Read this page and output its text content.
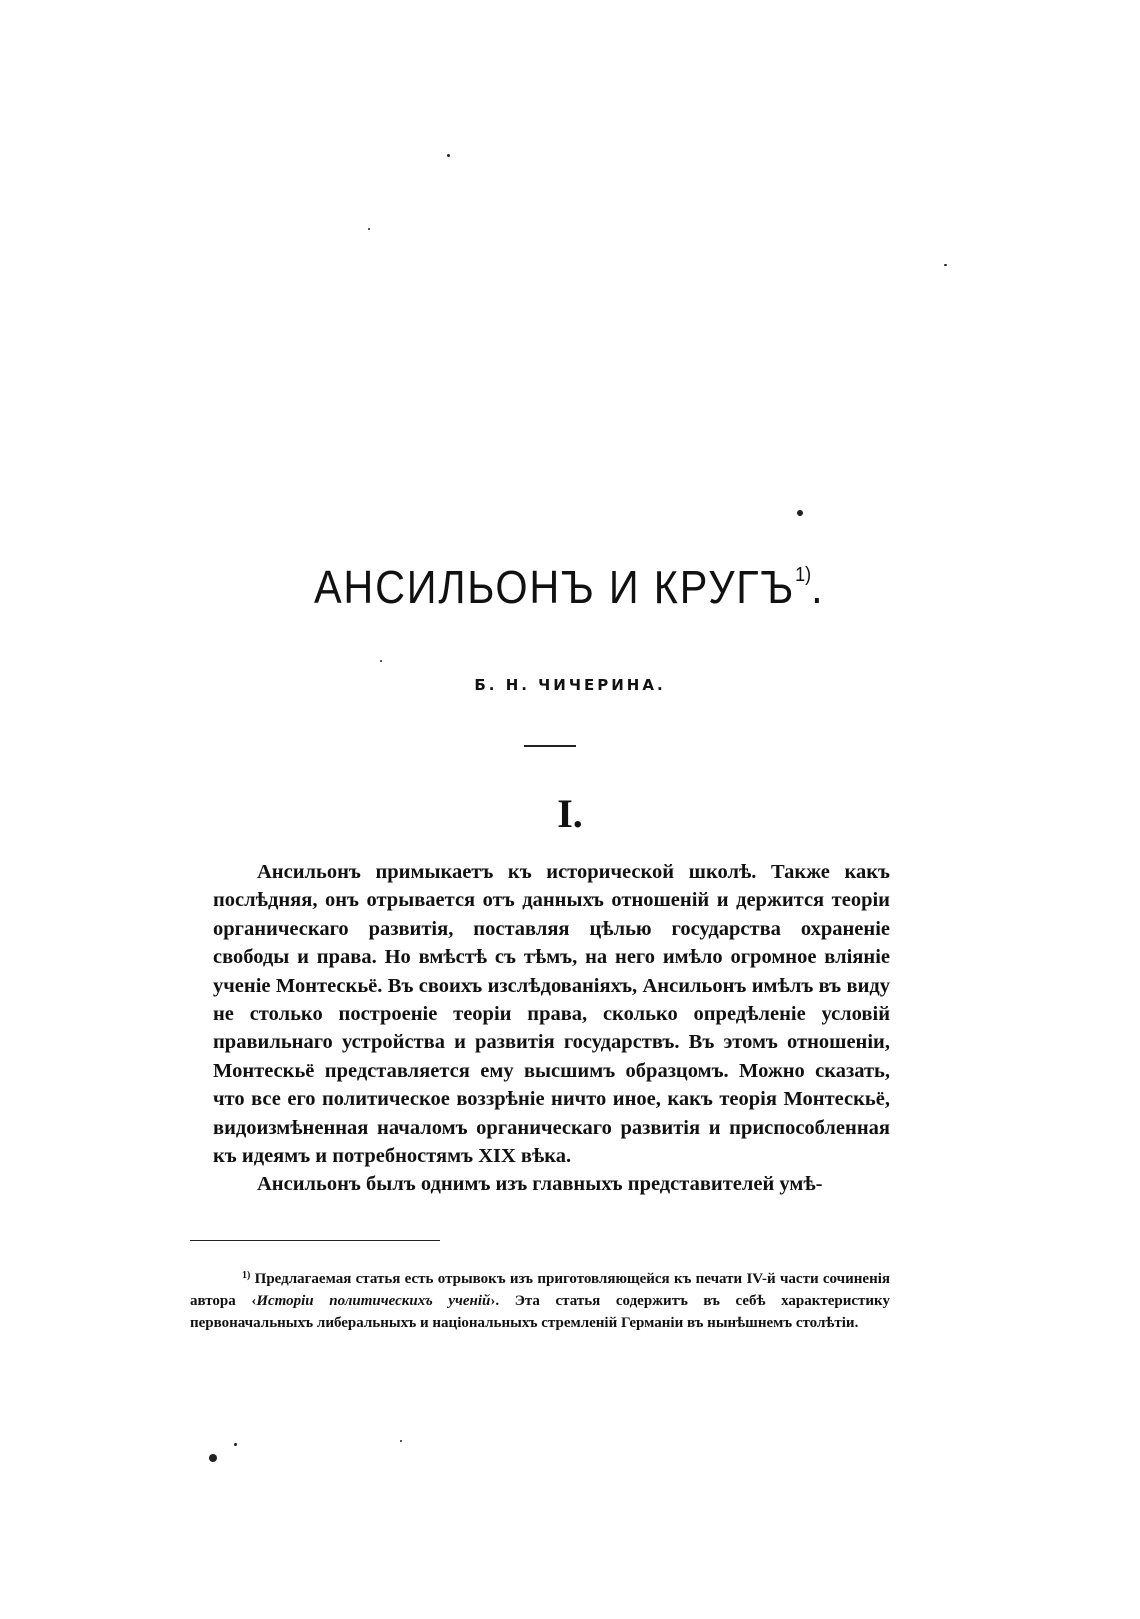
АНСИЛЬОНЪ И КРУГЪ$^{1)}$.
Б. Н. ЧИЧЕРИНА.
I.

Ансильонъ примыкаетъ къ исторической школѣ. Также какъ послѣдняя, онъ отрывается отъ данныхъ отношеній и держится теоріи органическаго развитія, поставляя цѣлью государства охраненіе свободы и права. Но вмѣстѣ съ тѣмъ, на него имѣло огромное вліяніе ученіе Монтескьё. Въ своихъ изслѣдованіяхъ, Ансильонъ имѣлъ въ виду не столько построеніе теоріи права, сколько опредѣленіе условій правильнаго устройства и развитія государствъ. Въ этомъ отношеніи, Монтескьё представляется ему высшимъ образцомъ. Можно сказать, что все его политическое воззрѣніе ничто иное, какъ теорія Монтескьё, видоизмѣненная началомъ органическаго развитія и приспособленная къ идеямъ и потребностямъ XIX вѣка.

Ансильонъ былъ однимъ изъ главныхъ представителей умѣ-

$^{1)}$ Предлагаемая статья есть отрывокъ изъ приготовляющейся къ печати IV-й части сочиненія автора ‹Исторіи политическихъ ученій›. Эта статья содержитъ въ себѣ характеристику первоначальныхъ либеральныхъ и національныхъ стремленій Германіи въ нынѣшнемъ столѣтіи.
